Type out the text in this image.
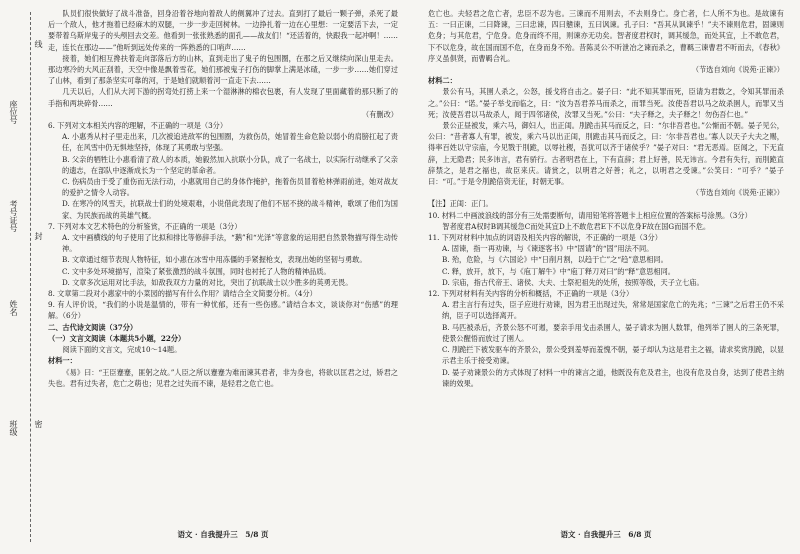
线
封
密
座位号
考号证号
姓名
班级

队员们很快做好了战斗准备，回身沿着谷地向着敌人的侧翼冲了过去。直到打了最后一颗子弹，杀死了最后一个敌人，他才拖着已经麻木的双腿，一步一步走回树林。一边挣扎着一边在心里想：一定要活下去，一定要带着乌斯岸鬼子的头颅回去交差。他看到一张张熟悉的面孔——战友们！“还活着的，快跟我一起冲啊！……走，连长在那边——”他听到远处传来的一阵熟悉的口哨声……

接着，她们相互搀扶着走向部落后方的山林，直到走出了鬼子的包围圈，在那之后又继续向深山里走去。那边寒冷的大风正刮着，天空中像是飘着雪花，她们那被鬼子打伤的脚掌上满是冰碴，一步一步……她们穿过了山林，看到了那条坚实可靠的河，于是她们就顺着河一直走下去……

几天以后，人们从大河下游的拐弯处打捞上来一个湿淋淋的棉衣包裹，有人发现了里面藏着的那只断了的手指和两块碎骨……

（有删改）

6. 下列对文本相关内容的理解，不正确的一项是（3分）

A. 小惠秀从村子里走出来，几次被追进敌军的包围圈，为救伤员，她冒着生命危险以弱小的肩膀扛起了责任，在风雪中仍无惧地坚持，体现了其勇敢与坚强。

B. 父亲的牺牲让小惠看清了敌人的本质，她毅然加入抗联小分队，成了一名战士，以实际行动继承了父亲的遗志，在部队中逐渐成长为一个坚定的革命者。

C. 伤病员由于受了重伤而无法行动，小惠就用自己的身体作掩护，拖着伤员冒着枪林弹雨前进，她对战友的爱护之情令人动容。

D. 在寒冷的风雪天，抗联战士们的处境艰难，小说借此表现了他们不屈不挠的战斗精神，歌颂了他们为国家、为民族而战的英雄气概。

7. 下列对本文艺术特色的分析鉴赏，不正确的一项是（3分）

A. 文中画横线的句子使用了比拟和排比等修辞手法，“鹅”和“光泽”等意象的运用把自然景物描写得生动传神。

B. 文章通过细节表现人物特征，如小惠在冰雪中用冻僵的手紧握枪支，表现出她的坚韧与勇敢。

C. 文中多处环境描写，渲染了紧张激烈的战斗氛围，同时也衬托了人物的精神品质。

D. 文章多次运用对比手法，如敌我双方力量的对比，突出了抗联战士以少胜多的英勇无畏。

8. 文章第二段对小惠家中的小菜园的描写有什么作用？请结合全文简要分析。（4分）

9. 有人评价说，“我们的小说是温情的，带有一种忧郁，还有一些伤感。”请结合本文，谈谈你对“伤感”的理解。（6分）

二、古代诗文阅读（37分）

（一）文言文阅读（本题共5小题，22分）

阅读下面的文言文，完成10～14题。

材料一：

《易》曰：“王臣蹇蹇，匪躬之故。”人臣之所以蹇蹇为难而谏其君者，非为身也，将欲以匡君之过，矫君之失也。君有过失者，危亡之萌也；见君之过失而不谏，是轻君之危亡也。

语文 · 自我提升三　5/8 页

危亡也。夫轻君之危亡者，忠臣不忍为也。三谏而不用则去，不去则身亡。身亡者，仁人所不为也。是故谏有五：一曰正谏，二曰降谏，三曰忠谏，四曰戆谏，五曰讽谏。孔子曰：“吾其从讽谏乎！”夫不谏则危君，固谏则危身；与其危君，宁危身。危身而终不用，则谏亦无功矣。智者度君权时，调其缓急，而处其宜，上不敢危君，下不以危身，故在国而国不危，在身而身不殆。昔陈灵公不听泄冶之谏而杀之，曹羁三谏曹君不听而去，《春秋》序义虽俱贤，而曹羁合礼。

（节选自刘向《说苑·正谏》）

材料二：

景公有马，其圉人杀之，公怒，援戈将自击之。晏子曰：“此不知其罪而死，臣请为君数之，令知其罪而杀之。”公曰：“诺。”晏子举戈而临之，曰：“汝为吾君养马而杀之，而罪当死。汝使吾君以马之故杀圉人，而罪又当死；汝使吾君以马故杀人，闻于四邻诸侯，汝罪又当死。”公曰：“夫子释之，夫子释之！勿伤吾仁也。”

景公正昼被发，乘六马，御妇人，出正闺。刖跪击其马而反之，曰：“尔非吾君也。”公惭而不朝。晏子见公，公曰：“昔者寡人有罪，被发，乘六马以出正闺，刖跪击其马而反之，曰：‘尔非吾君也。’寡人以天子大夫之赐，得率百姓以守宗庙，今见戮于刖跪，以辱社稷，吾犹可以齐于诸侯乎？”晏子对曰：“君无恶焉。臣闻之，下无直辞，上无隐君；民多讳言，君有骄行。古者明君在上，下有直辞；君上好善，民无讳言。今君有失行，而刖跪直辞禁之，是君之福也，故臣来庆。请赏之，以明君之好善；礼之，以明君之受谏。”公笑曰：“可乎？”晏子曰：“可。”于是令刖跪倍资无征，时朝无事。

（节选自刘向《说苑·正谏》）

【注】正闺：正门。

10. 材料二中画波浪线的部分有三处需要断句，请用铅笔将答题卡上相应位置的答案标号涂黑。（3分）

智者度君A权时B调其缓急C而处其宜D上不敢危君E下不以危身F故在国G而国不危。

11. 下列对材料中加点的词语及相关内容的解说，不正确的一项是（3分）

A. 固谏，指一再劝谏，与《谏逐客书》中“固请”的“固”用法不同。

B. 殆，危险，与《六国论》中“日削月割，以趋于亡”之“趋”意思相同。

C. 释，放开，放下，与《庖丁解牛》中“庖丁释刀对曰”的“释”意思相同。

D. 宗庙，指古代帝王、诸侯、大夫、士祭祀祖先的处所，按照等级，天子立七庙。

12. 下列对材料有关内容的分析和概括，不正确的一项是（3分）

A. 君主言行有过失，臣子应进行劝谏，因为君王出现过失，常常是国家危亡的先兆；“三谏”之后君王仍不采纳，臣子可以选择离开。

B. 马匹被杀后，齐景公怒不可遏，要亲手用戈击杀圉人，晏子请求为圉人数罪，他列举了圉人的三条死罪，使景公醒悟而放过了圉人。

C. 刖跪拦下被发驱车的齐景公，景公受到羞辱而羞愧不朝，晏子却认为这是君主之福，请求奖赏刖跪，以显示君主乐于接受劝谏。

D. 晏子劝谏景公的方式体现了材料一中的谏言之道，他既没有危及君主，也没有危及自身，达到了使君主纳谏的效果。

语文 · 自我提升三　6/8 页
